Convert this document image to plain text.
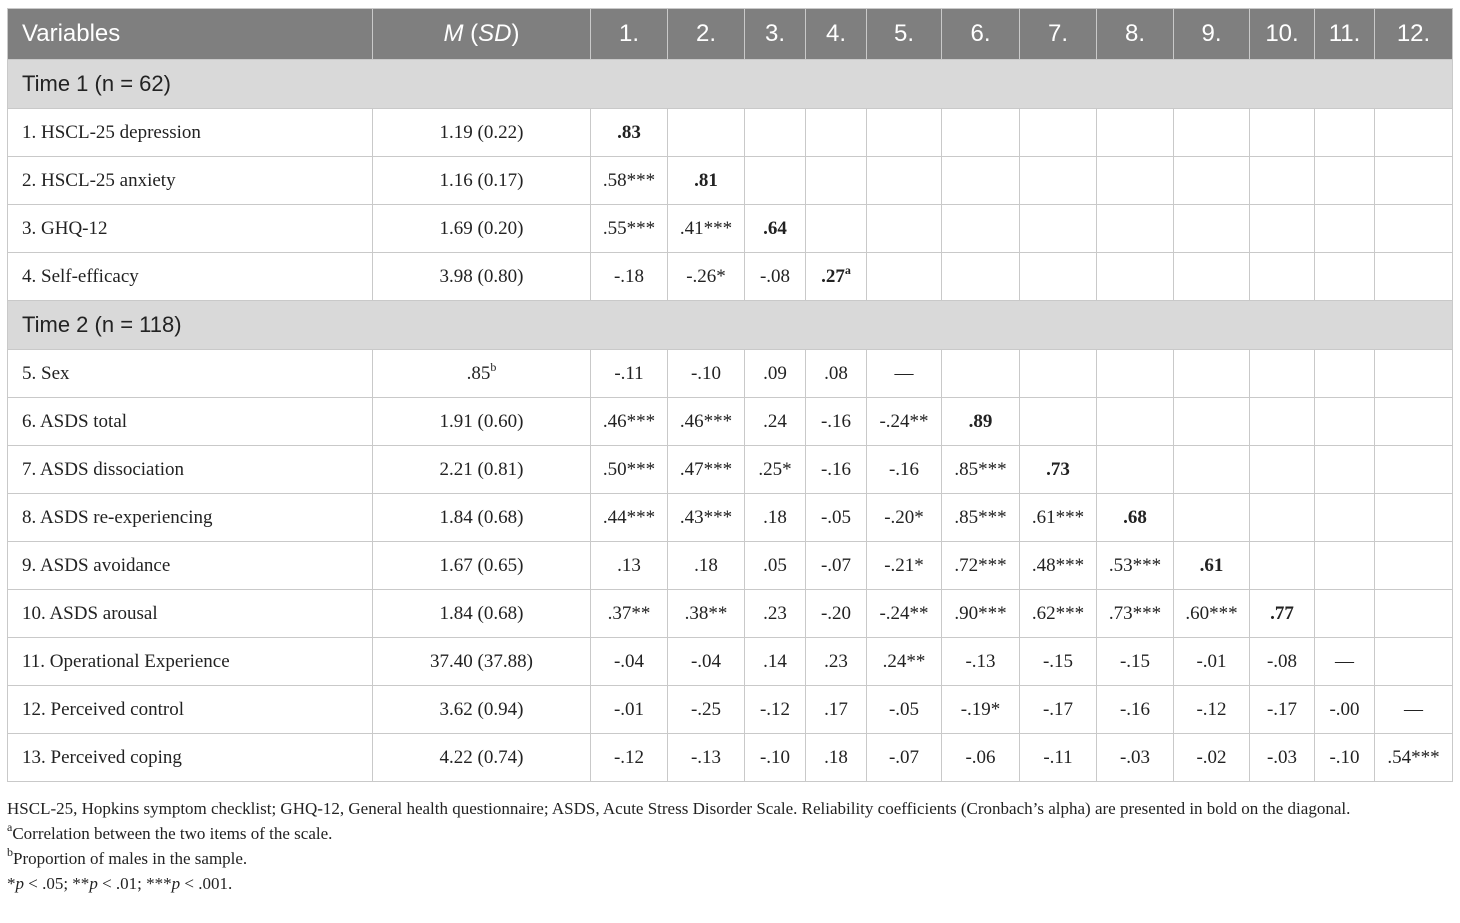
Variables	M (SD)	1.	2.	3.	4.	5.	6.	7.	8.	9.	10.	11.	12.
Time 1 (n = 62)													
1. HSCL-25 depression	1.19 (0.22)	.83											
2. HSCL-25 anxiety	1.16 (0.17)	.58***	.81										
3. GHQ-12	1.69 (0.20)	.55***	.41***	.64									
4. Self-efficacy	3.98 (0.80)	-.18	-.26*	-.08	.27$^a$								
Time 2 (n = 118)													
5. Sex	.85$^b$	-.11	-.10	.09	.08	—							
6. ASDS total	1.91 (0.60)	.46***	.46***	.24	-.16	-.24**	.89						
7. ASDS dissociation	2.21 (0.81)	.50***	.47***	.25*	-.16	-.16	.85***	.73					
8. ASDS re-experiencing	1.84 (0.68)	.44***	.43***	.18	-.05	-.20*	.85***	.61***	.68				
9. ASDS avoidance	1.67 (0.65)	.13	.18	.05	-.07	-.21*	.72***	.48***	.53***	.61			
10. ASDS arousal	1.84 (0.68)	.37**	.38**	.23	-.20	-.24**	.90***	.62***	.73***	.60***	.77		
11. Operational Experience	37.40 (37.88)	-.04	-.04	.14	.23	.24**	-.13	-.15	-.15	-.01	-.08	—	
12. Perceived control	3.62 (0.94)	-.01	-.25	-.12	.17	-.05	-.19*	-.17	-.16	-.12	-.17	-.00	—
13. Perceived coping	4.22 (0.74)	-.12	-.13	-.10	.18	-.07	-.06	-.11	-.03	-.02	-.03	-.10	.54***

HSCL-25, Hopkins symptom checklist; GHQ-12, General health questionnaire; ASDS, Acute Stress Disorder Scale. Reliability coefficients (Cronbach’s alpha) are presented in bold on the diagonal.

$^a$Correlation between the two items of the scale.

$^b$Proportion of males in the sample.

*p < .05; **p < .01; ***p < .001.
